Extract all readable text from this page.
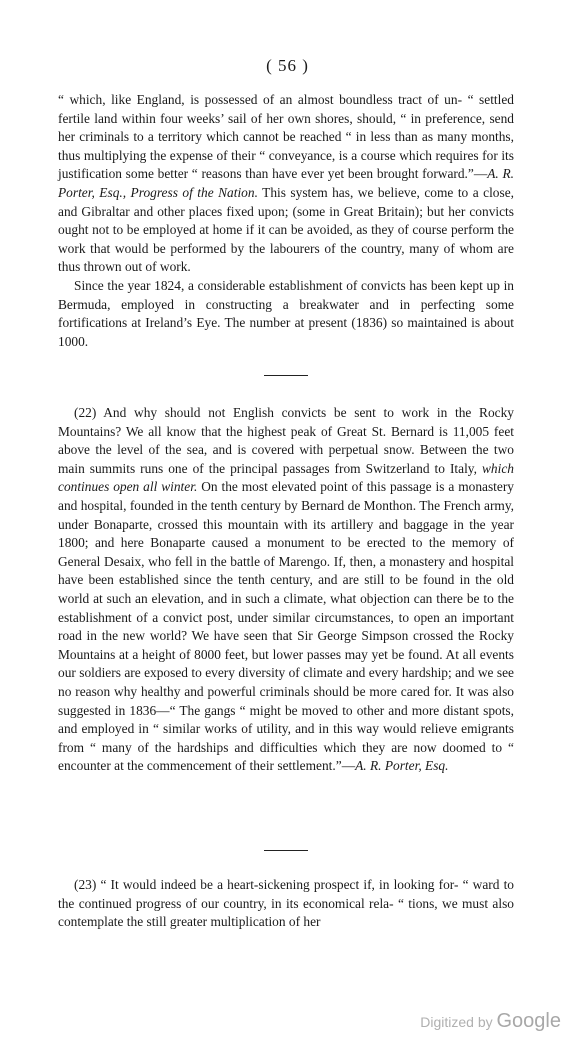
( 56 )

“ which, like England, is possessed of an almost boundless tract of un- “ settled fertile land within four weeks’ sail of her own shores, should, “ in preference, send her criminals to a territory which cannot be reached “ in less than as many months, thus multiplying the expense of their “ conveyance, is a course which requires for its justification some better “ reasons than have ever yet been brought forward.”—A. R. Porter, Esq., Progress of the Nation. This system has, we believe, come to a close, and Gibraltar and other places fixed upon; (some in Great Britain); but her convicts ought not to be employed at home if it can be avoided, as they of course perform the work that would be performed by the labourers of the country, many of whom are thus thrown out of work.

Since the year 1824, a considerable establishment of convicts has been kept up in Bermuda, employed in constructing a breakwater and in perfecting some fortifications at Ireland’s Eye. The number at present (1836) so maintained is about 1000.

(22) And why should not English convicts be sent to work in the Rocky Mountains? We all know that the highest peak of Great St. Bernard is 11,005 feet above the level of the sea, and is covered with perpetual snow. Between the two main summits runs one of the principal passages from Switzerland to Italy, which continues open all winter. On the most elevated point of this passage is a monastery and hospital, founded in the tenth century by Bernard de Monthon. The French army, under Bonaparte, crossed this mountain with its artillery and baggage in the year 1800; and here Bonaparte caused a monument to be erected to the memory of General Desaix, who fell in the battle of Marengo. If, then, a monastery and hospital have been established since the tenth century, and are still to be found in the old world at such an elevation, and in such a climate, what objection can there be to the establishment of a convict post, under similar circumstances, to open an important road in the new world? We have seen that Sir George Simpson crossed the Rocky Mountains at a height of 8000 feet, but lower passes may yet be found. At all events our soldiers are exposed to every diversity of climate and every hardship; and we see no reason why healthy and powerful criminals should be more cared for. It was also suggested in 1836—“ The gangs “ might be moved to other and more distant spots, and employed in “ similar works of utility, and in this way would relieve emigrants from “ many of the hardships and difficulties which they are now doomed to “ encounter at the commencement of their settlement.”—A. R. Porter, Esq.

(23) “ It would indeed be a heart-sickening prospect if, in looking for- “ ward to the continued progress of our country, in its economical rela- “ tions, we must also contemplate the still greater multiplication of her

Digitized by Google
